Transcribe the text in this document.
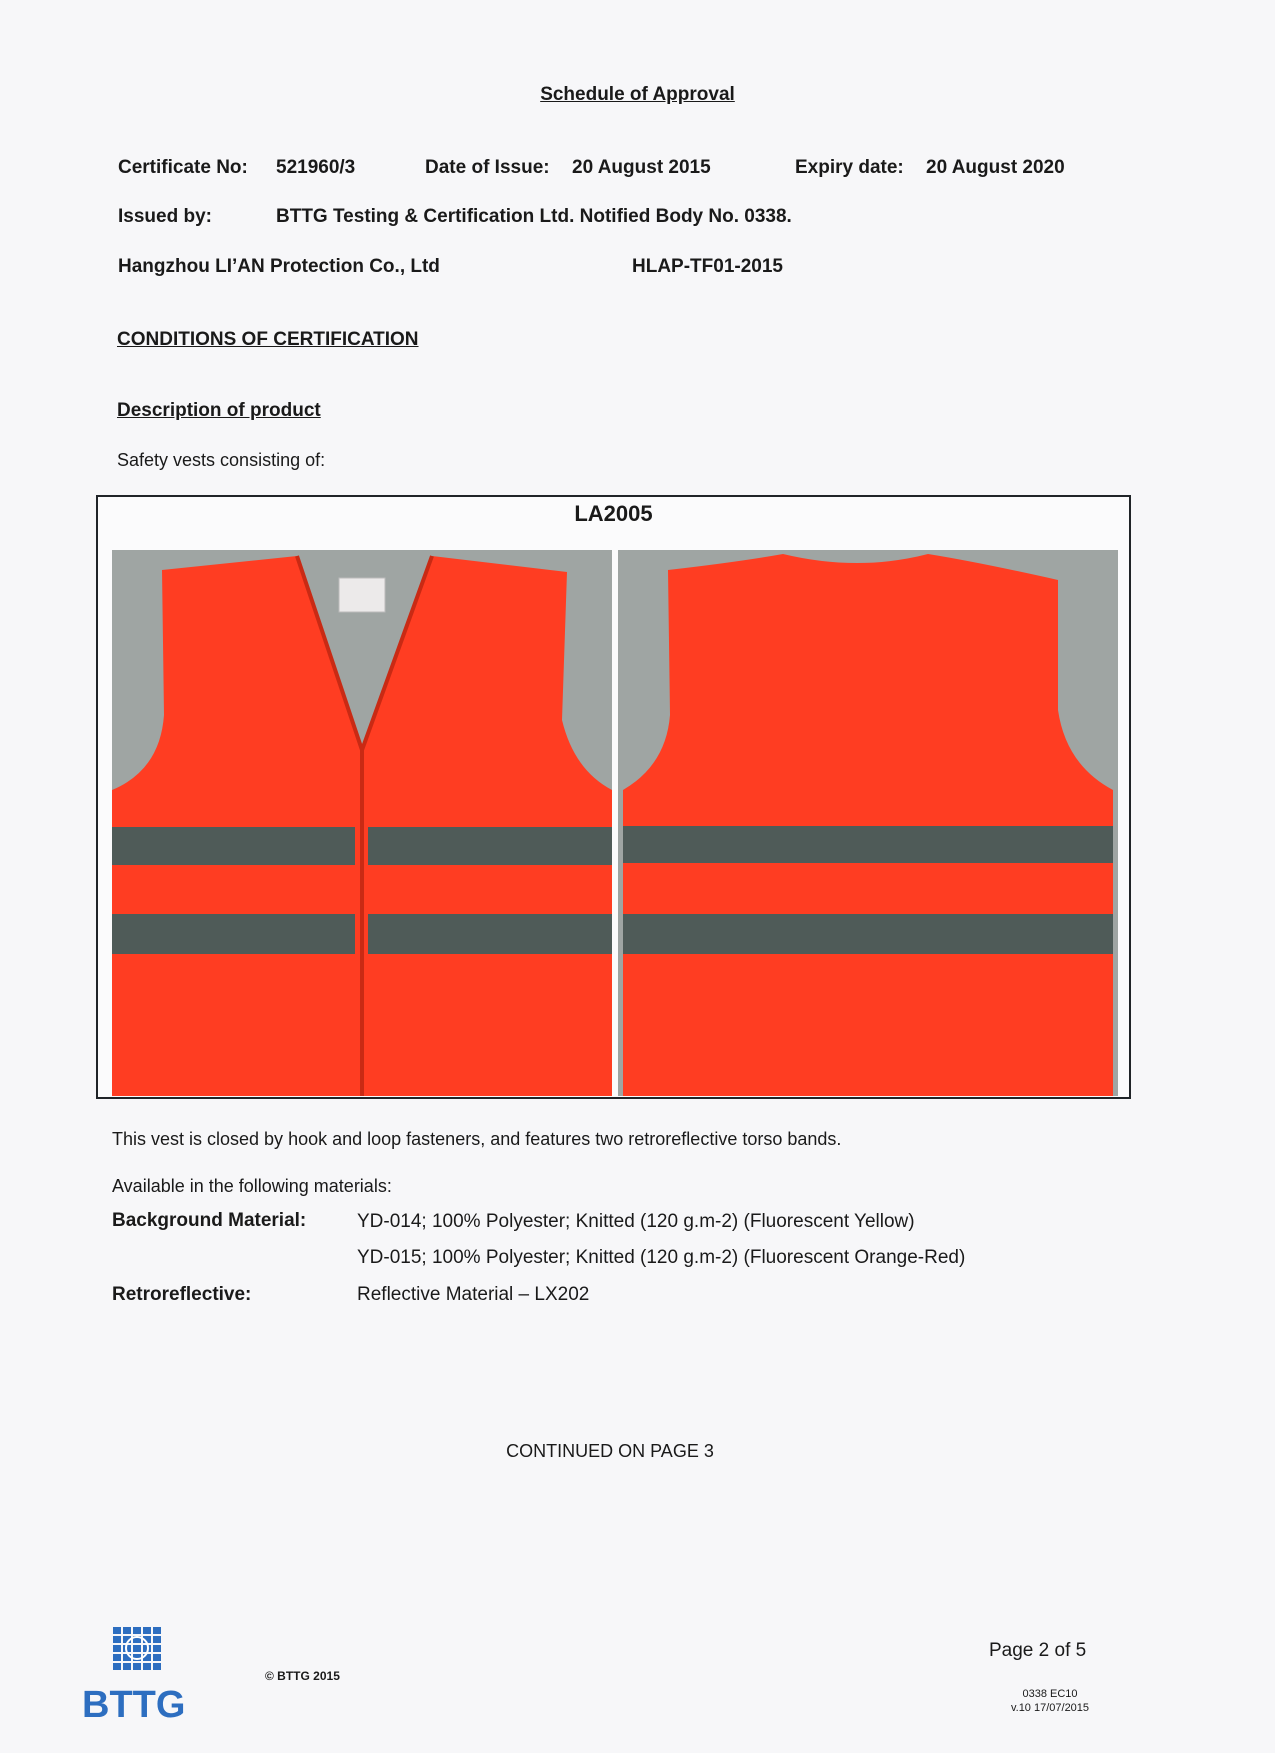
Schedule of Approval
Certificate No: 521960/3	Date of Issue: 20 August 2015	Expiry date: 20 August 2020
Issued by:	BTTG Testing & Certification Ltd. Notified Body No. 0338.
Hangzhou LI’AN Protection Co., Ltd	HLAP-TF01-2015
CONDITIONS OF CERTIFICATION
Description of product
Safety vests consisting of:
LA2005
This vest is closed by hook and loop fasteners, and features two retroreflective torso bands.
Available in the following materials:
Background Material:	YD-014; 100% Polyester; Knitted (120 g.m-2) (Fluorescent Yellow)
YD-015; 100% Polyester; Knitted (120 g.m-2) (Fluorescent Orange-Red)
Retroreflective:	Reflective Material – LX202
CONTINUED ON PAGE 3
BTTG
© BTTG 2015
Page 2 of 5
0338 EC10
v.10 17/07/2015
